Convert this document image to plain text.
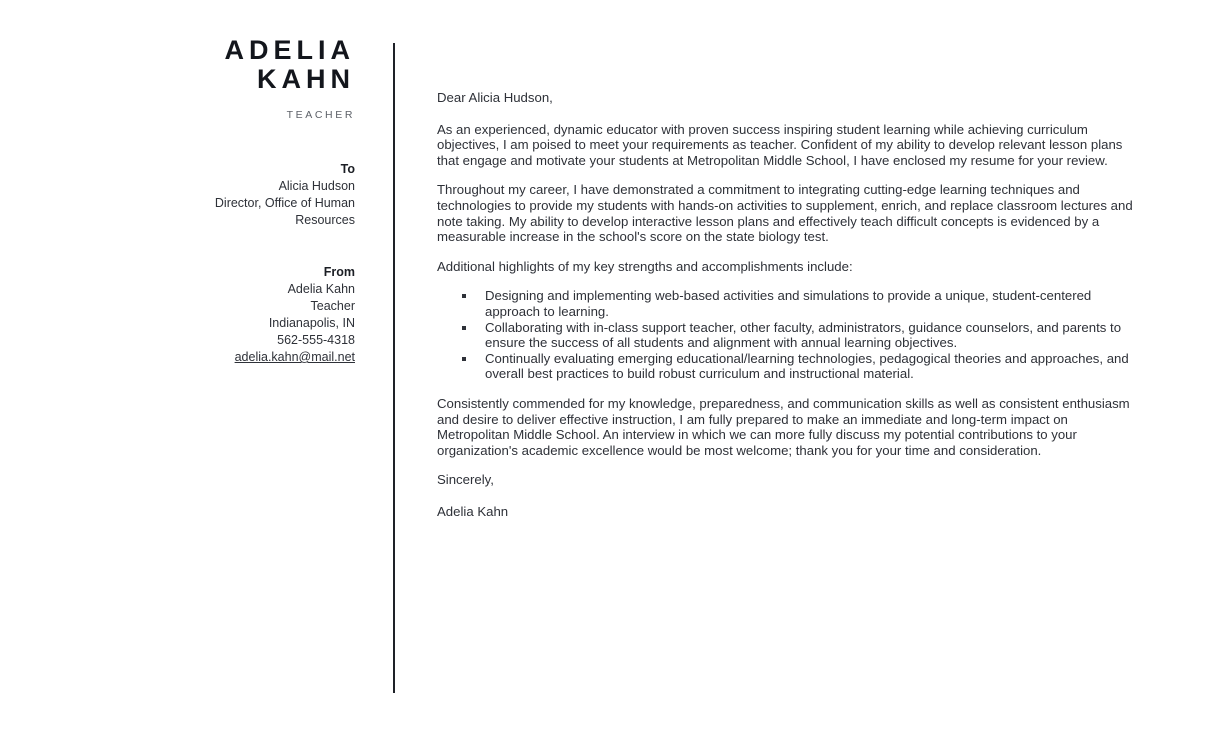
ADELIA
KAHN
TEACHER
To
Alicia Hudson
Director, Office of Human
Resources
From
Adelia Kahn
Teacher
Indianapolis, IN
562-555-4318
adelia.kahn@mail.net

Dear Alicia Hudson,

As an experienced, dynamic educator with proven success inspiring student learning while achieving curriculum objectives, I am poised to meet your requirements as teacher. Confident of my ability to develop relevant lesson plans that engage and motivate your students at Metropolitan Middle School, I have enclosed my resume for your review.

Throughout my career, I have demonstrated a commitment to integrating cutting-edge learning techniques and technologies to provide my students with hands-on activities to supplement, enrich, and replace classroom lectures and note taking. My ability to develop interactive lesson plans and effectively teach difficult concepts is evidenced by a measurable increase in the school's score on the state biology test.

Additional highlights of my key strengths and accomplishments include:

Designing and implementing web-based activities and simulations to provide a unique, student-centered approach to learning.
Collaborating with in-class support teacher, other faculty, administrators, guidance counselors, and parents to ensure the success of all students and alignment with annual learning objectives.
Continually evaluating emerging educational/learning technologies, pedagogical theories and approaches, and overall best practices to build robust curriculum and instructional material.

Consistently commended for my knowledge, preparedness, and communication skills as well as consistent enthusiasm and desire to deliver effective instruction, I am fully prepared to make an immediate and long-term impact on Metropolitan Middle School. An interview in which we can more fully discuss my potential contributions to your organization's academic excellence would be most welcome; thank you for your time and consideration.

Sincerely,

Adelia Kahn
